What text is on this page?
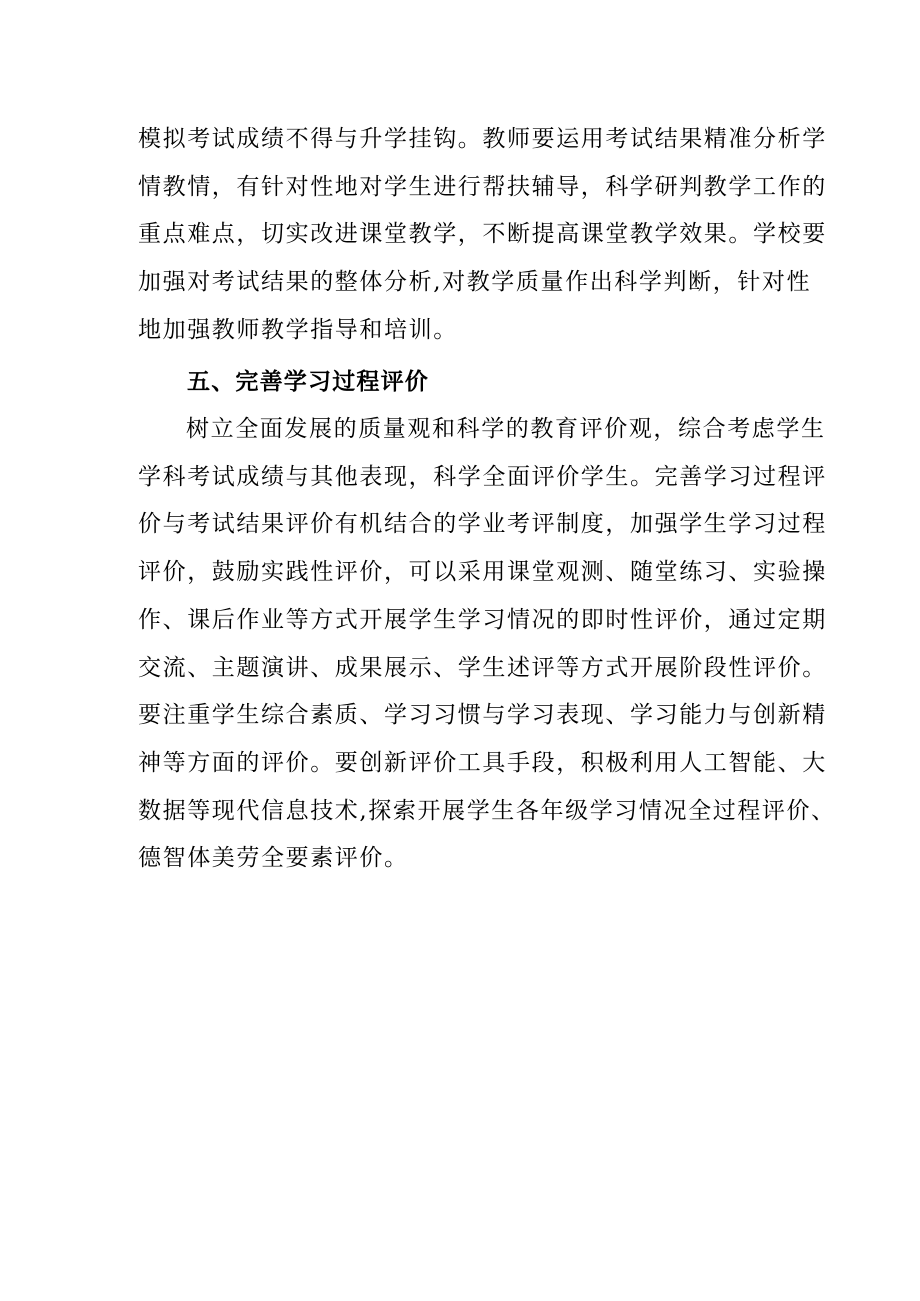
模拟考试成绩不得与升学挂钩。教师要运用考试结果精准分析学
情教情，有针对性地对学生进行帮扶辅导，科学研判教学工作的
重点难点，切实改进课堂教学，不断提高课堂教学效果。学校要
加强对考试结果的整体分析,对教学质量作出科学判断，针对性
地加强教师教学指导和培训。
五、完善学习过程评价
树立全面发展的质量观和科学的教育评价观，综合考虑学生
学科考试成绩与其他表现，科学全面评价学生。完善学习过程评
价与考试结果评价有机结合的学业考评制度，加强学生学习过程
评价，鼓励实践性评价，可以采用课堂观测、随堂练习、实验操
作、课后作业等方式开展学生学习情况的即时性评价，通过定期
交流、主题演讲、成果展示、学生述评等方式开展阶段性评价。
要注重学生综合素质、学习习惯与学习表现、学习能力与创新精
神等方面的评价。要创新评价工具手段，积极利用人工智能、大
数据等现代信息技术,探索开展学生各年级学习情况全过程评价、
德智体美劳全要素评价。
